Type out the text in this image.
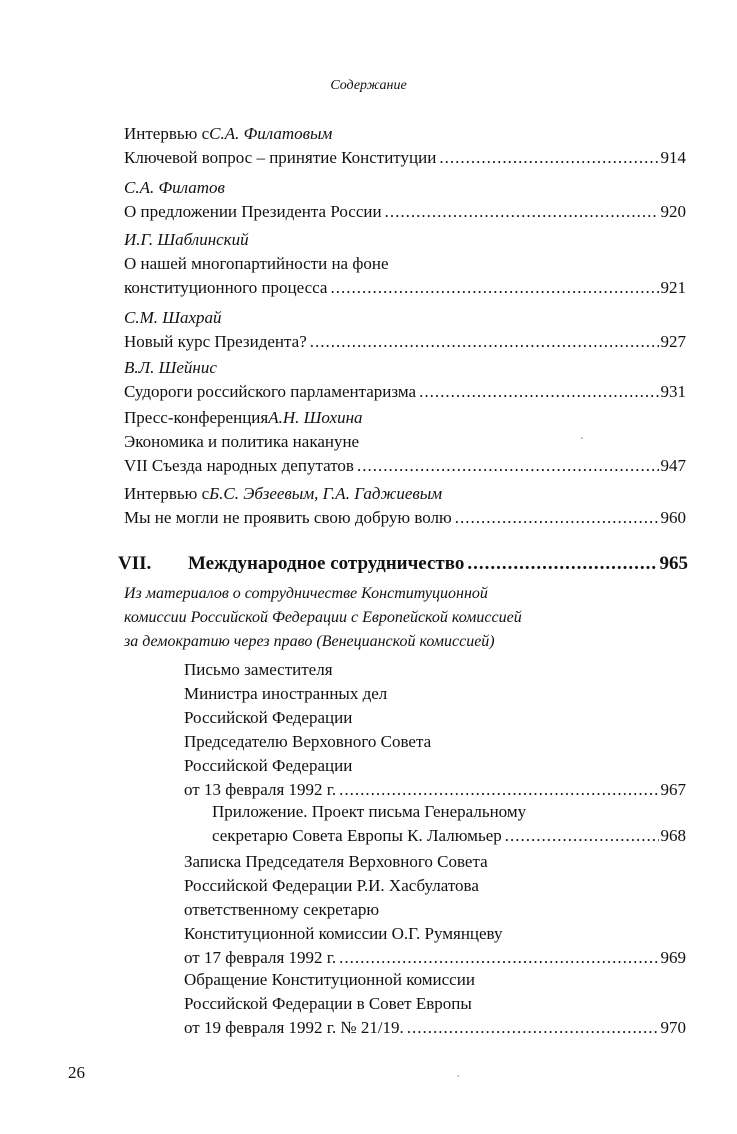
Содержание
Интервью с С.А. Филатовым
Ключевой вопрос – принятие Конституции .....	914
С.А. Филатов
О предложении Президента России .....	920
И.Г. Шаблинский
О нашей многопартийности на фоне
конституционного процесса .....	921
С.М. Шахрай
Новый курс Президента? .....	927
В.Л. Шейнис
Судороги российского парламентаризма .....	931
Пресс-конференция А.Н. Шохина
Экономика и политика накануне
VII Съезда народных депутатов .....	947
Интервью с Б.С. Эбзеевым, Г.А. Гаджиевым
Мы не могли не проявить свою добрую волю .....	960
VII. Международное сотрудничество .....	965
Из материалов о сотрудничестве Конституционной
комиссии Российской Федерации с Европейской комиссией
за демократию через право (Венецианской комиссией)
Письмо заместителя
Министра иностранных дел
Российской Федерации
Председателю Верховного Совета
Российской Федерации
от 13 февраля 1992 г. .....	967
Приложение. Проект письма Генеральному
секретарю Совета Европы К. Лалюмьер .....	968
Записка Председателя Верховного Совета
Российской Федерации Р.И. Хасбулатова
ответственному секретарю
Конституционной комиссии О.Г. Румянцеву
от 17 февраля 1992 г. .....	969
Обращение Конституционной комиссии
Российской Федерации в Совет Европы
от 19 февраля 1992 г. № 21/19. .....	970
26
